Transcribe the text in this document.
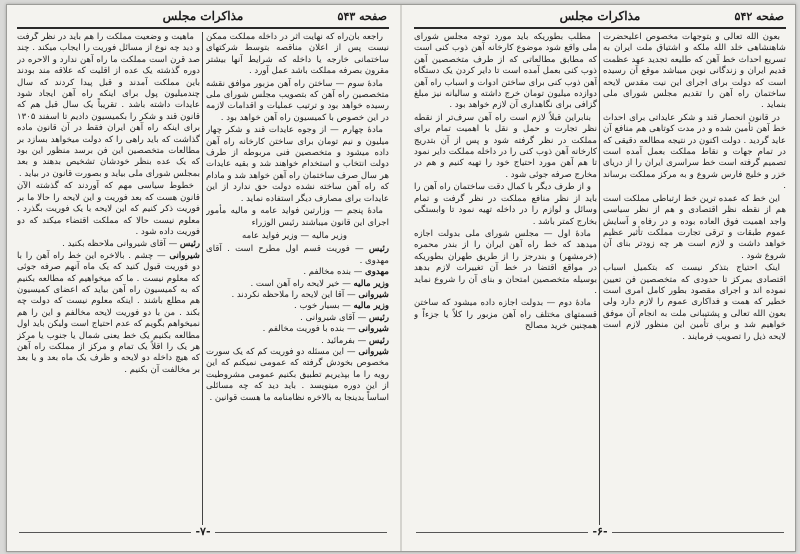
صفحه ۵۴۳
مذاکرات مجلس

راجعه بآن‌راه که نهایت اثر در داخله مملکت ممکن نیست پس از اعلان مناقصه بتوسط شرکتهای ساختمانی خارجه یا داخله که شرایط آنها بیشتر مقرون بصرفه مملکت باشد عمل آورد .

مادهٔ سوم — ساختن راه آهن مزبور موافق نقشه متخصصین راه آهن که بتصویب مجلس شورای ملی رسیده خواهد بود و ترتیب عملیات و اقدامات لازمه در این خصوص با کمیسیون راه آهن خواهد بود .

مادهٔ چهارم — از وجوه عایدات قند و شکر چهار میلیون و نیم تومان برای ساختن کارخانه راه آهن داده میشود و متخصصین فنی مربوطه از طرف دولت انتخاب و استخدام خواهند شد و بقیه عایدات هر سال صرف ساختمان راه آهن خواهد شد و مادام که راه آهن ساخته نشده دولت حق ندارد از این عایدات برای مصارف دیگر استفاده نماید .

مادهٔ پنجم — وزارتین فواید عامه و مالیه مأمور اجرای این قانون میباشند رئیس الوزراء

وزیر مالیه — وزیر فواید عامه

رئیس — فوریت قسم اول مطرح است . آقای مهدوی .
مهدوی — بنده مخالفم .
وزیر مالیه — خیر لایحه راه آهن است .
شیروانی — آقا این لایحه را ملاحظه نکردند .
وزیر مالیه — بسیار خوب .
رئیس — آقای شیروانی .
شیروانی — بنده با فوریت مخالفم .
رئیس — بفرمائید .
شیروانی — این مسئله دو فوریت کم که یک سورت مخصوص بخودش گرفته که عمومی نمیکنم که این رویه را ما بپذیریم تطبیق بکنیم عمومی مشروطیت از این دوره مینویسد . باید دید که چه مسائلی اساساً بدینجا به بالاخره نظامنامه ما هست قوانین .

ماهیت و وضعیت مملکت را هم باید در نظر گرفت و دید چه نوع از مسائل فوریت را ایجاب میکند . چند صد قرن است مملکت ما راه آهن ندارد و الاحره در دوره گذشته یک عده از اقلیت که علاقه مند بودند باین مملکت آمدند و قبل پیدا کردند که سال چندمیلیون پول برای اینکه راه آهن ایجاد شود عایدات داشته باشد . تقریباً یک سال قبل هم که قانون قند و شکر را بکمیسیون دادیم تا اسفند ۱۳۰۵ برای اینکه راه آهن ایران فقط در آن قانون ماده گذاشت که باید راهی را که دولت میخواهد بسازد بر مطالعات متخصصین این فن برسد منظور این بود که یک عده بنظر خودشان تشخیص بدهند و بعد بمجلس شورای ملی بیاید و بصورت قانون در بیاید .

خطوط سیاسی مهم که آوردند که گذشته الآن قانون هست که بعد فوریت و این لایحه را حالا ما بر فوریت ذکر کنیم که این لایحه با یک فوریت بگذرد . معلوم نیست حالا که مملکت اقتضاء میکند که دو فوریت داده شود .

رئیس — آقای شیروانی ملاحظه بکنید .
شیروانی — چشم . بالاخره این خط راه آهن را با دو فوریت قبول کنید که یک ماه آنهم صرفه جوئی که معلوم نیست . ما که میخواهیم که مطالعه بکنیم که به کمیسیون راه آهن بیاید که اعضای کمیسیون هم مطلع باشند . اینکه معلوم نیست که دولت چه بکند . من با دو فوریت لایحه مخالفم و این را هم نمیخواهم بگویم که عدم احتیاج است ولیکن باید اول مطالعه بکنیم یک خط یعنی شمال یا جنوب یا مرکز هر یک را اقلاً یک تمام و مرکز از مملکت راه آهن که هیچ داخله دو لایحه و ظرف یک ماه بعد و یا بعد بر مخالفت آن بکنیم .
-۷-
صفحه ۵۴۲
مذاکرات مجلس

بعون الله تعالی و بتوجهات مخصوص اعلیحضرت شاهنشاهی خلد الله ملکه و اشتیاق ملت ایران به تسریع احداث خط آهن که طلیعه تجدید عهد عظمت قدیم ایران و زندگانی نوین میباشد موقع آن رسیده است که دولت برای اجرای این نیت مقدس لایحه ساختمان راه آهن را تقدیم مجلس شورای ملی بنماید .

در قانون انحصار قند و شکر عایداتی برای احداث خط آهن تأمین شده و در مدت کوتاهی هم منافع آن عاید گردید . دولت اکنون در نتیجه مطالعه دقیقی که در تمام جهات و نقاط مملکت بعمل آمده است تصمیم گرفته است خط سراسری ایران را از دریای خزر و خلیج فارس شروع و به مرکز مملکت برساند .

این خط که عمده ترین خط ارتباطی مملکت است هم از نقطه نظر اقتصادی و هم از نظر سیاسی واجد اهمیت فوق العاده بوده و در رفاه و آسایش عموم طبقات و ترقی تجارت مملکت تأثیر عظیم خواهد داشت و لازم است هر چه زودتر بنای آن شروع شود .

اینک احتیاج بتذکر نیست که بتکمیل اسباب اقتصادی بمرکز تا حدودی که متخصصین فن تعیین نموده اند و اجرای مقصود بطور کامل امری است خطیر که همت و فداکاری عموم را لازم دارد ولی بعون الله تعالی و پشتیبانی ملت به انجام آن موفق خواهیم شد و برای تأمین این منظور لازم است لایحه ذیل را تصویب فرمایند .

مطلب بطوریکه باید مورد توجه مجلس شورای ملی واقع شود موضوع کارخانه آهن ذوب کنی است که مطابق مطالعاتی که از طرف متخصصین آهن ذوب کنی بعمل آمده است تا دایر کردن یک دستگاه آهن ذوب کنی برای ساختن ادوات و اسباب راه آهن دوازده میلیون تومان خرج داشته و سالیانه نیز مبلغ گزافی برای نگاهداری آن لازم خواهد بود .

بنابراین قبلاً لازم است راه آهن سرف‌تر از نقطه نظر تجارت و حمل و نقل با اهمیت تمام برای مملکت در نظر گرفته شود و پس از آن بتدریج کارخانه آهن ذوب کنی را در داخله مملکت دایر نمود تا هم آهن مورد احتیاج خود را تهیه کنیم و هم در مخارج صرفه جوئی شود .

و از طرف دیگر با کمال دقت ساختمان راه آهن را باید از نظر منافع مملکت در نظر گرفت و تمام وسائل و لوازم را در داخله تهیه نمود تا وابستگی بخارج کمتر باشد .

مادهٔ اول — مجلس شورای ملی بدولت اجازه میدهد که خط راه آهن ایران را از بندر محمره (خرمشهر) و بندرجز را از طریق طهران بطوریکه در مواقع اقتضا در خط آن تغییرات لازم بدهد بوسیله متخصصین امتحان و بنای آن را شروع نماید .

مادهٔ دوم — بدولت اجازه داده میشود که ساختن قسمتهای مختلف راه آهن مزبور را کلاً یا جزءاً و همچنین خرید مصالح

-۶-
